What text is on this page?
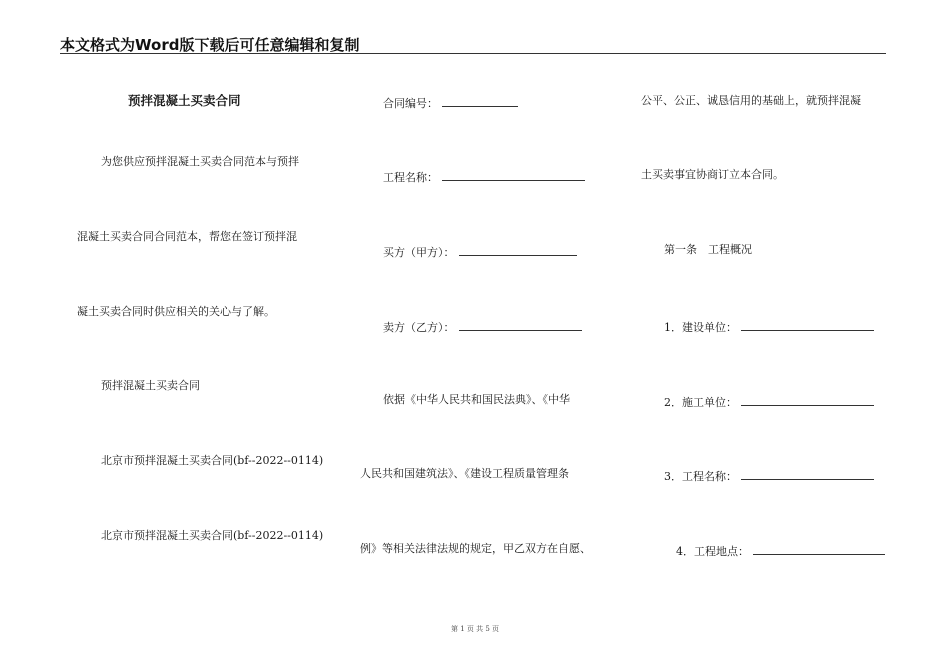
本文格式为Word版下载后可任意编辑和复制
预拌混凝土买卖合同
为您供应预拌混凝土买卖合同范本与预拌
混凝土买卖合同合同范本，帮您在签订预拌混
凝土买卖合同时供应相关的关心与了解。
预拌混凝土买卖合同
北京市预拌混凝土买卖合同(bf--2022--0114)
北京市预拌混凝土买卖合同(bf--2022--0114)
合同编号：
工程名称：
买方（甲方）：
卖方（乙方）：
依据《中华人民共和国民法典》、《中华
人民共和国建筑法》、《建设工程质量管理条
例》等相关法律法规的规定，甲乙双方在自愿、
公平、公正、诚恳信用的基础上，就预拌混凝
土买卖事宜协商订立本合同。
第一条　工程概况
1．建设单位：
2．施工单位：
3．工程名称：
4．工程地点：
第 1 页 共 5 页
